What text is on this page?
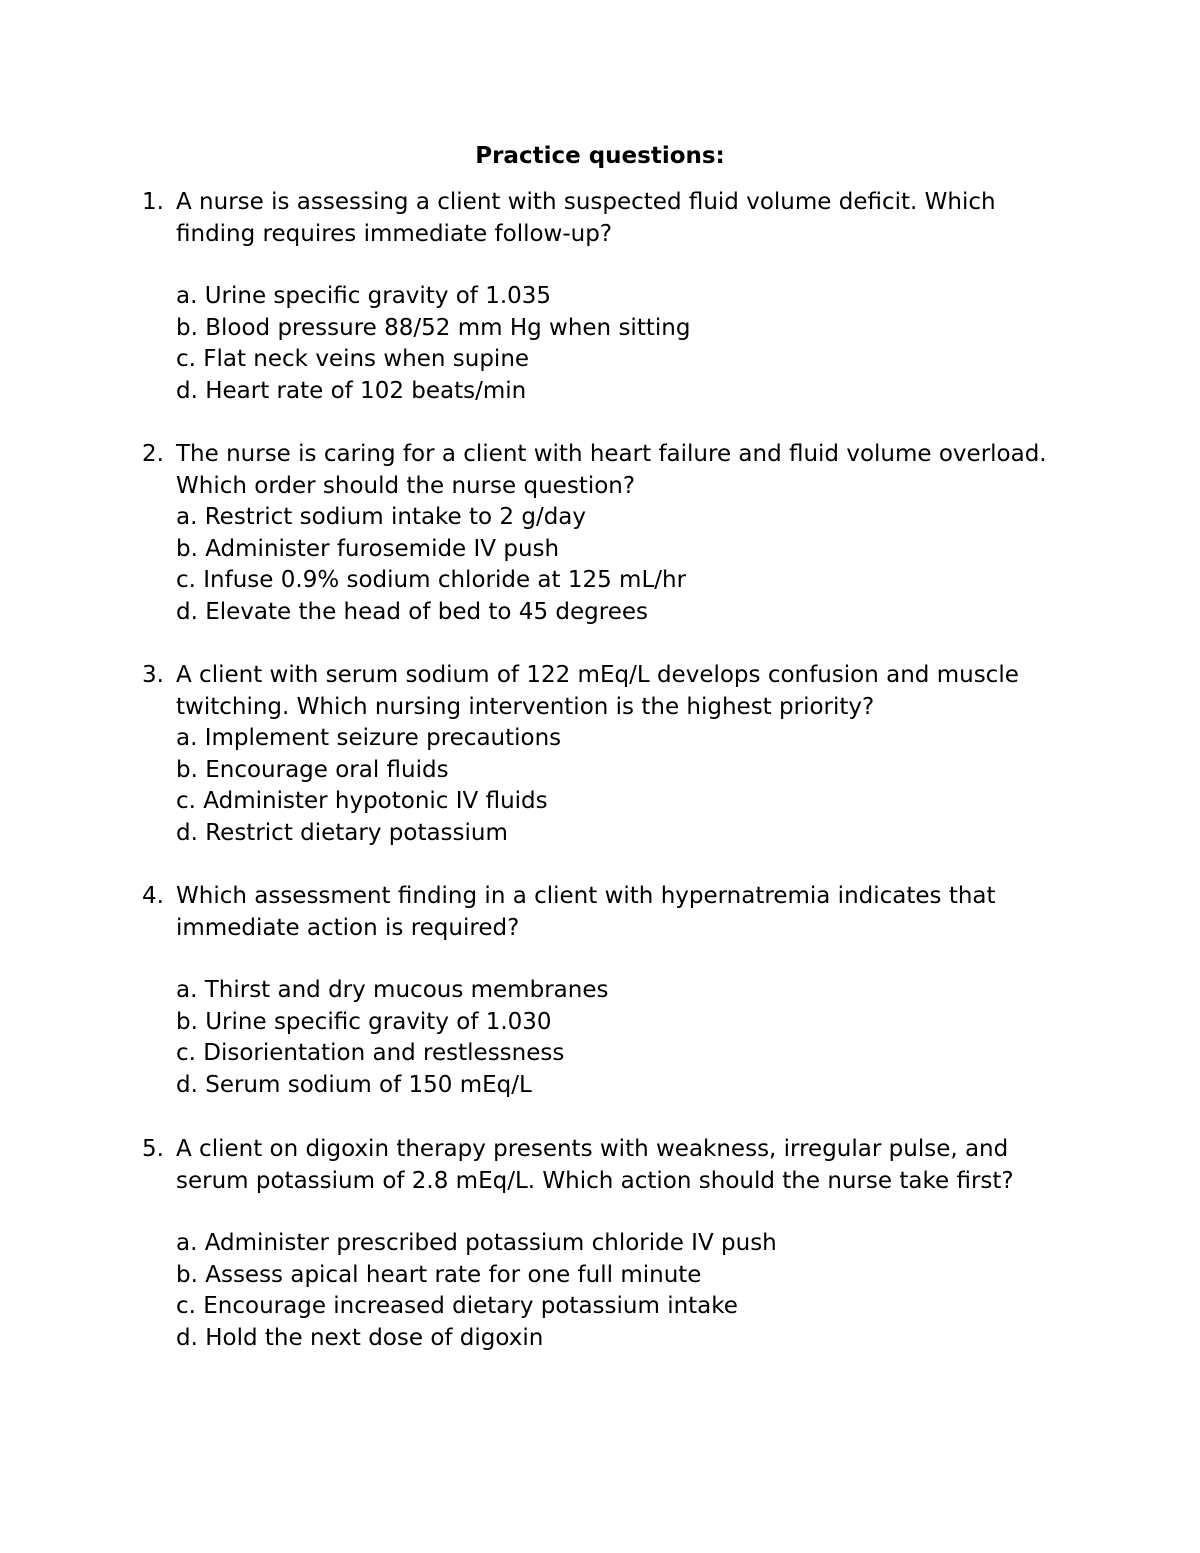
Practice questions:
1. A nurse is assessing a client with suspected fluid volume deficit. Which finding requires immediate follow-up?

a. Urine specific gravity of 1.035
b. Blood pressure 88/52 mm Hg when sitting
c. Flat neck veins when supine
d. Heart rate of 102 beats/min
2. The nurse is caring for a client with heart failure and fluid volume overload. Which order should the nurse question?

a. Restrict sodium intake to 2 g/day
b. Administer furosemide IV push
c. Infuse 0.9% sodium chloride at 125 mL/hr
d. Elevate the head of bed to 45 degrees
3. A client with serum sodium of 122 mEq/L develops confusion and muscle twitching. Which nursing intervention is the highest priority?

a. Implement seizure precautions
b. Encourage oral fluids
c. Administer hypotonic IV fluids
d. Restrict dietary potassium
4. Which assessment finding in a client with hypernatremia indicates that immediate action is required?

a. Thirst and dry mucous membranes
b. Urine specific gravity of 1.030
c. Disorientation and restlessness
d. Serum sodium of 150 mEq/L
5. A client on digoxin therapy presents with weakness, irregular pulse, and serum potassium of 2.8 mEq/L. Which action should the nurse take first?

a. Administer prescribed potassium chloride IV push
b. Assess apical heart rate for one full minute
c. Encourage increased dietary potassium intake
d. Hold the next dose of digoxin
